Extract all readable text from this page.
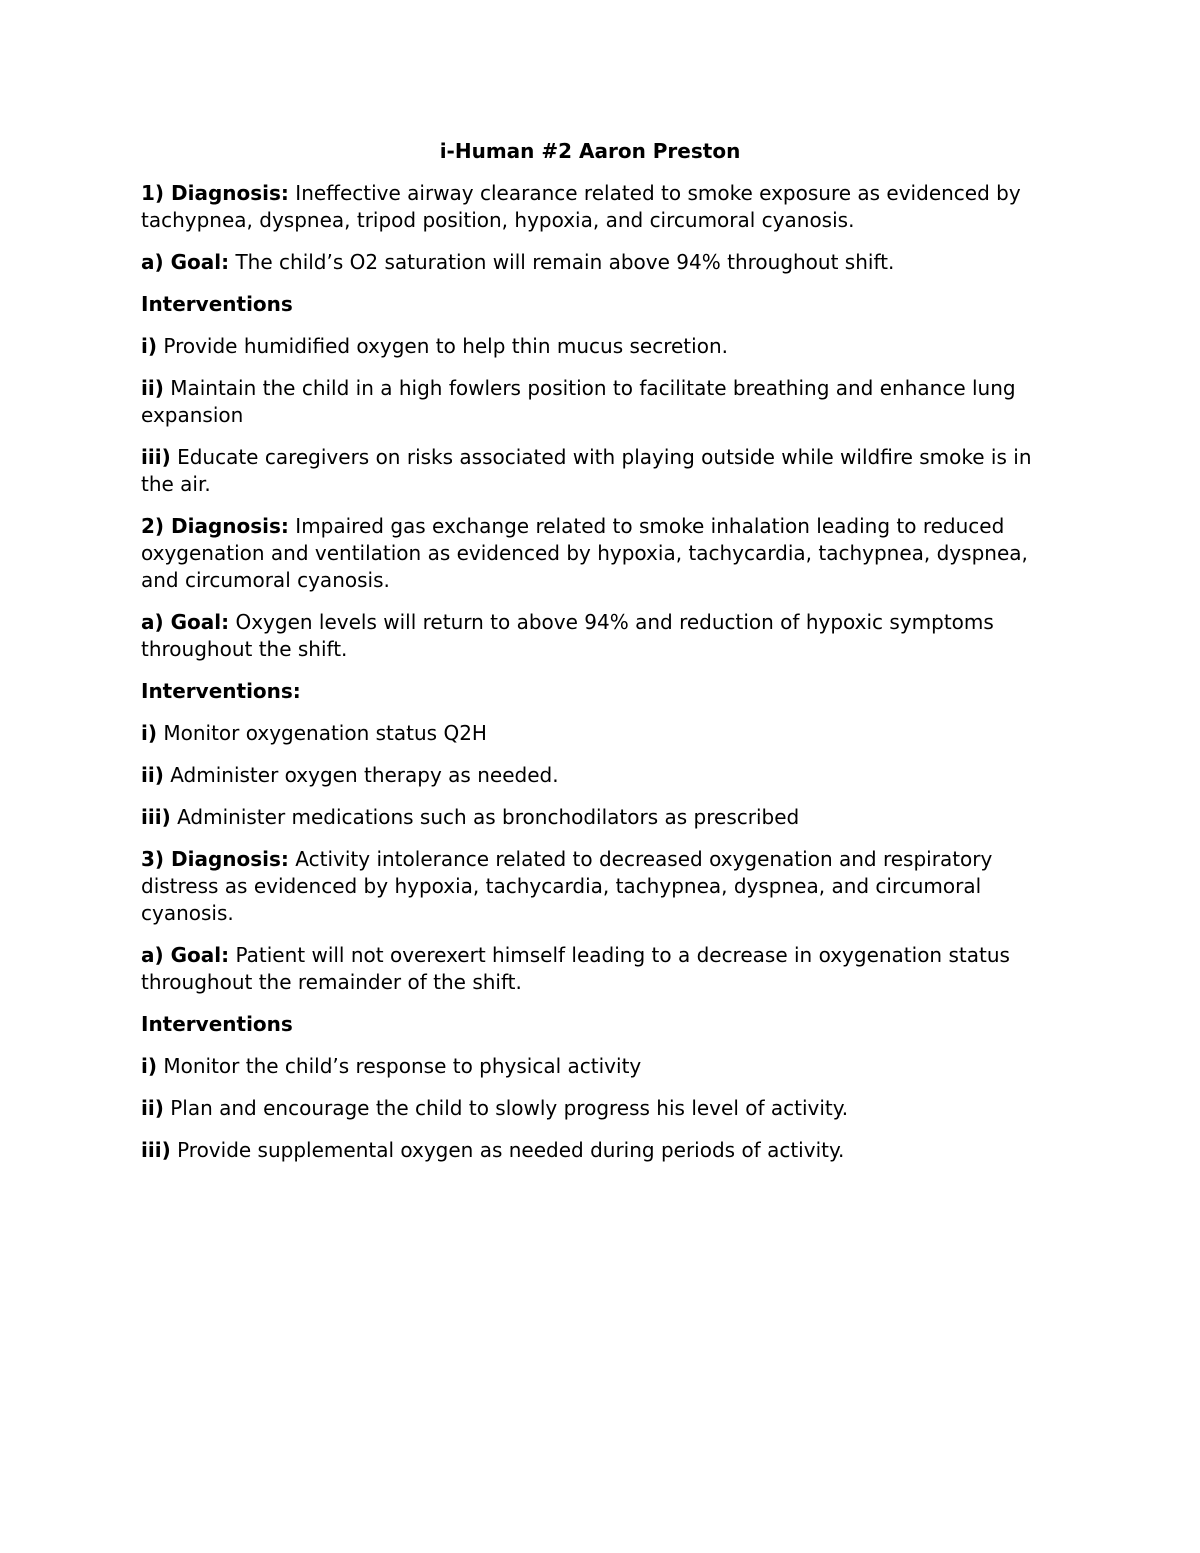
i-Human #2 Aaron Preston
1) Diagnosis: Ineffective airway clearance related to smoke exposure as evidenced by tachypnea, dyspnea, tripod position, hypoxia, and circumoral cyanosis.
a) Goal: The child’s O2 saturation will remain above 94% throughout shift.
Interventions
i) Provide humidified oxygen to help thin mucus secretion.
ii) Maintain the child in a high fowlers position to facilitate breathing and enhance lung expansion
iii) Educate caregivers on risks associated with playing outside while wildfire smoke is in the air.
2) Diagnosis: Impaired gas exchange related to smoke inhalation leading to reduced oxygenation and ventilation as evidenced by hypoxia, tachycardia, tachypnea, dyspnea, and circumoral cyanosis.
a) Goal: Oxygen levels will return to above 94% and reduction of hypoxic symptoms throughout the shift.
Interventions:
i) Monitor oxygenation status Q2H
ii) Administer oxygen therapy as needed.
iii) Administer medications such as bronchodilators as prescribed
3) Diagnosis: Activity intolerance related to decreased oxygenation and respiratory distress as evidenced by hypoxia, tachycardia, tachypnea, dyspnea, and circumoral cyanosis.
a) Goal: Patient will not overexert himself leading to a decrease in oxygenation status throughout the remainder of the shift.
Interventions
i) Monitor the child’s response to physical activity
ii) Plan and encourage the child to slowly progress his level of activity.
iii) Provide supplemental oxygen as needed during periods of activity.
